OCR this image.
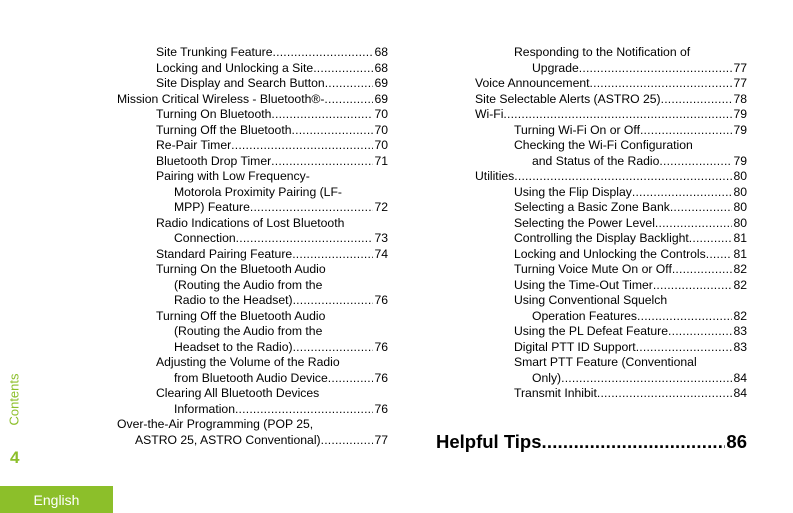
Site Trunking Feature .....	68
Locking and Unlocking a Site .....	68
Site Display and Search Button .....	69
Mission Critical Wireless - Bluetooth®- .....	69
Turning On Bluetooth .....	70
Turning Off the Bluetooth .....	70
Re-Pair Timer .....	70
Bluetooth Drop Timer .....	71
Pairing with Low Frequency-
Motorola Proximity Pairing (LF-
MPP) Feature .....	72
Radio Indications of Lost Bluetooth
Connection .....	73
Standard Pairing Feature .....	74
Turning On the Bluetooth Audio
(Routing the Audio from the
Radio to the Headset) .....	76
Turning Off the Bluetooth Audio
(Routing the Audio from the
Headset to the Radio) .....	76
Adjusting the Volume of the Radio
from Bluetooth Audio Device .....	76
Clearing All Bluetooth Devices
Information .....	76
Over-the-Air Programming (POP 25,
ASTRO 25, ASTRO Conventional) .....	77
Responding to the Notification of
Upgrade .....	77
Voice Announcement .....	77
Site Selectable Alerts (ASTRO 25) .....	78
Wi-Fi .....	79
Turning Wi-Fi On or Off .....	79
Checking the Wi-Fi Configuration
and Status of the Radio .....	79
Utilities .....	80
Using the Flip Display .....	80
Selecting a Basic Zone Bank .....	80
Selecting the Power Level .....	80
Controlling the Display Backlight .....	81
Locking and Unlocking the Controls ..... 81
Turning Voice Mute On or Off .....	82
Using the Time-Out Timer .....	82
Using Conventional Squelch
Operation Features .....	82
Using the PL Defeat Feature .....	83
Digital PTT ID Support .....	83
Smart PTT Feature (Conventional
Only) .....	84
Transmit Inhibit .....	84
Helpful Tips .....	86
Contents
4
English
